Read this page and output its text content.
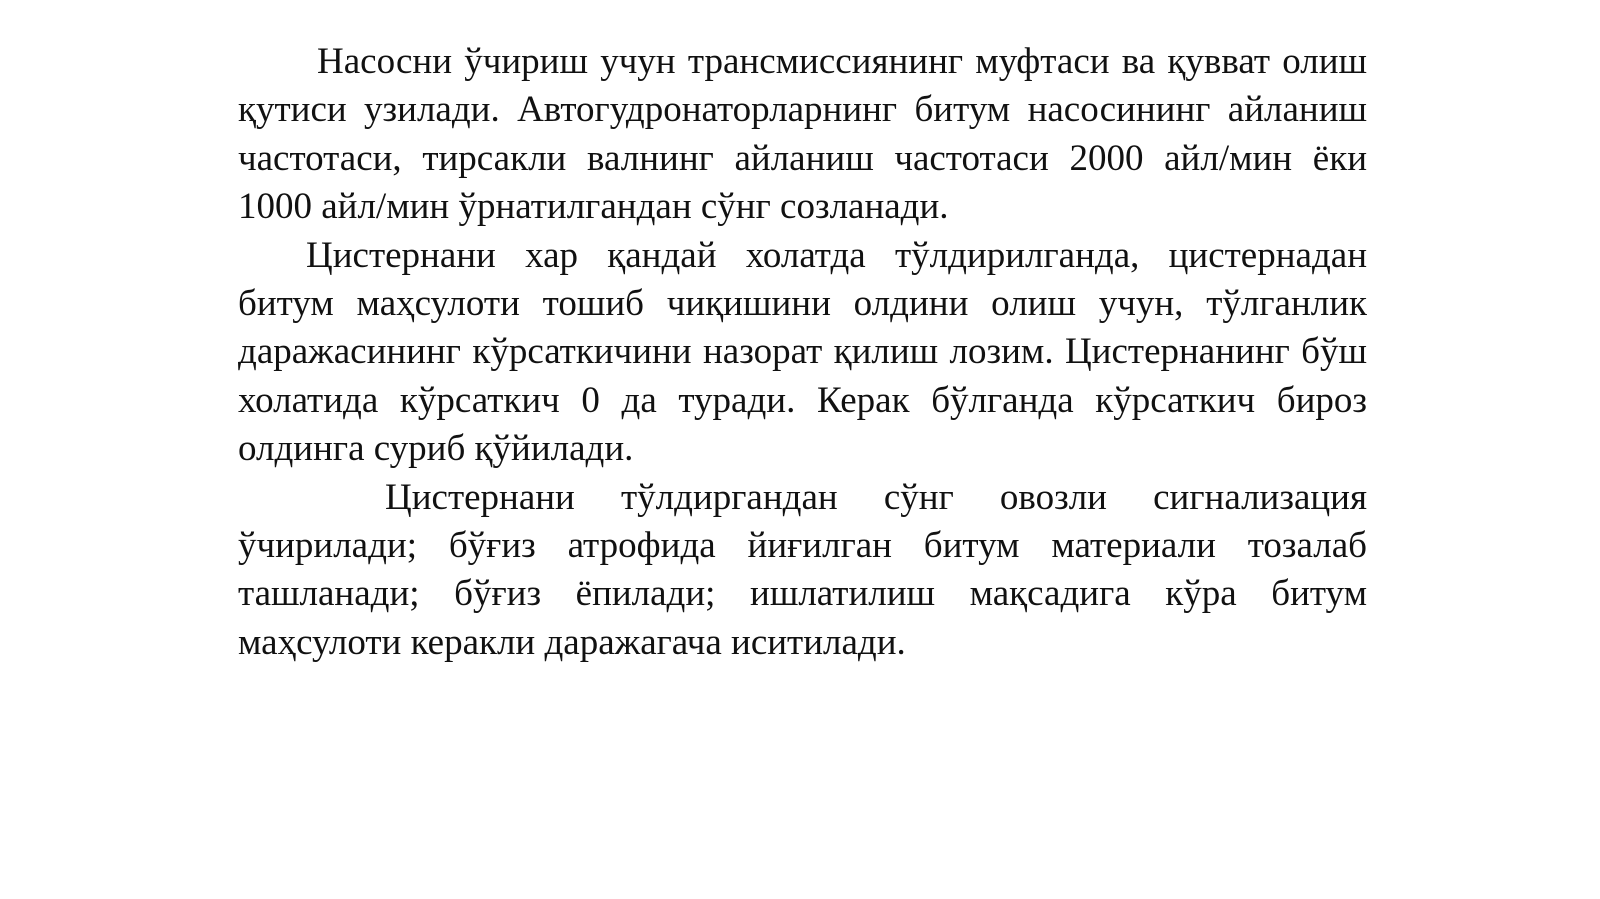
Насосни ўчириш учун трансмиссиянинг муфтаси ва қувват олиш қутиси узилади. Автогудронаторларнинг битум насосининг айланиш частотаси, тирсакли валнинг айланиш частотаси 2000 айл/мин ёки 1000 айл/мин ўрнатилгандан сўнг созланади.

Цистернани хар қандай холатда тўлдирилганда, цистернадан битум маҳсулоти тошиб чиқишини олдини олиш учун, тўлганлик даражасининг кўрсаткичини назорат қилиш лозим. Цистернанинг бўш холатида кўрсаткич 0 да туради. Керак бўлганда кўрсаткич бироз олдинга суриб қўйилади.

Цистернани тўлдиргандан сўнг овозли сигнализация ўчирилади; бўғиз атрофида йиғилган битум материали тозалаб ташланади; бўғиз ёпилади; ишлатилиш мақсадига кўра битум маҳсулоти керакли даражагача иситилади.
